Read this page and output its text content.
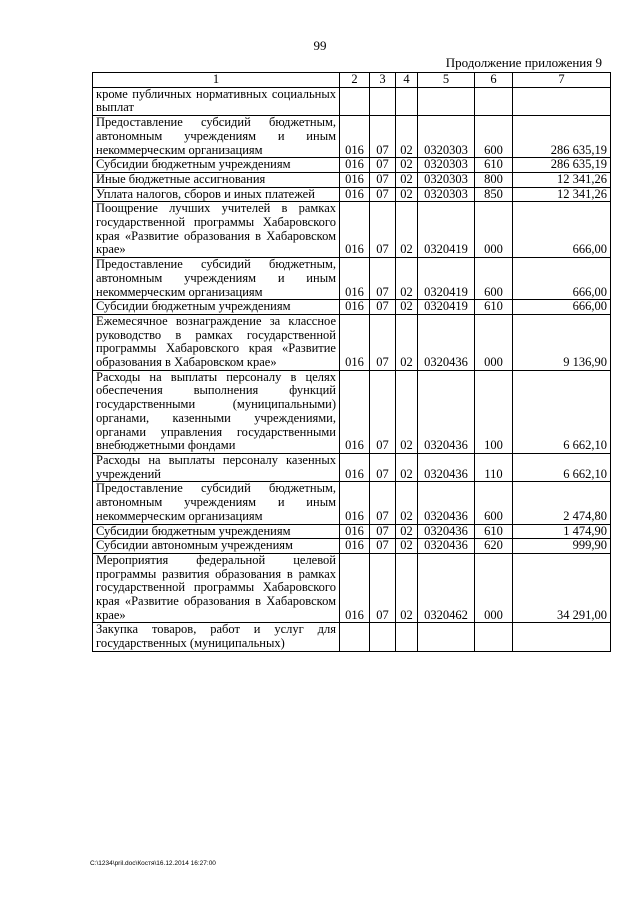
99
Продолжение приложения 9
1	2	3	4	5	6	7
кроме публичных нормативных социальных выплат						
Предоставление субсидий бюджетным, автономным учреждениям и иным некоммерческим организациям	016	07	02	0320303	600	286 635,19
Субсидии бюджетным учреждениям	016	07	02	0320303	610	286 635,19
Иные бюджетные ассигнования	016	07	02	0320303	800	12 341,26
Уплата налогов, сборов и иных платежей	016	07	02	0320303	850	12 341,26
Поощрение лучших учителей в рамках государственной программы Хабаровского края «Развитие образования в Хабаровском крае»	016	07	02	0320419	000	666,00
Предоставление субсидий бюджетным, автономным учреждениям и иным некоммерческим организациям	016	07	02	0320419	600	666,00
Субсидии бюджетным учреждениям	016	07	02	0320419	610	666,00
Ежемесячное вознаграждение за классное руководство в рамках государственной программы Хабаровского края «Развитие образования в Хабаровском крае»	016	07	02	0320436	000	9 136,90
Расходы на выплаты персоналу в целях обеспечения выполнения функций государственными (муниципальными) органами, казенными учреждениями, органами управления государственными внебюджетными фондами	016	07	02	0320436	100	6 662,10
Расходы на выплаты персоналу казенных учреждений	016	07	02	0320436	110	6 662,10
Предоставление субсидий бюджетным, автономным учреждениям и иным некоммерческим организациям	016	07	02	0320436	600	2 474,80
Субсидии бюджетным учреждениям	016	07	02	0320436	610	1 474,90
Субсидии автономным учреждениям	016	07	02	0320436	620	999,90
Мероприятия федеральной целевой программы развития образования в рамках государственной программы Хабаровского края «Развитие образования в Хабаровском крае»	016	07	02	0320462	000	34 291,00
Закупка товаров, работ и услуг для государственных (муниципальных)						
C:\1234\pril.doc\Костя\16.12.2014 16:27:00
